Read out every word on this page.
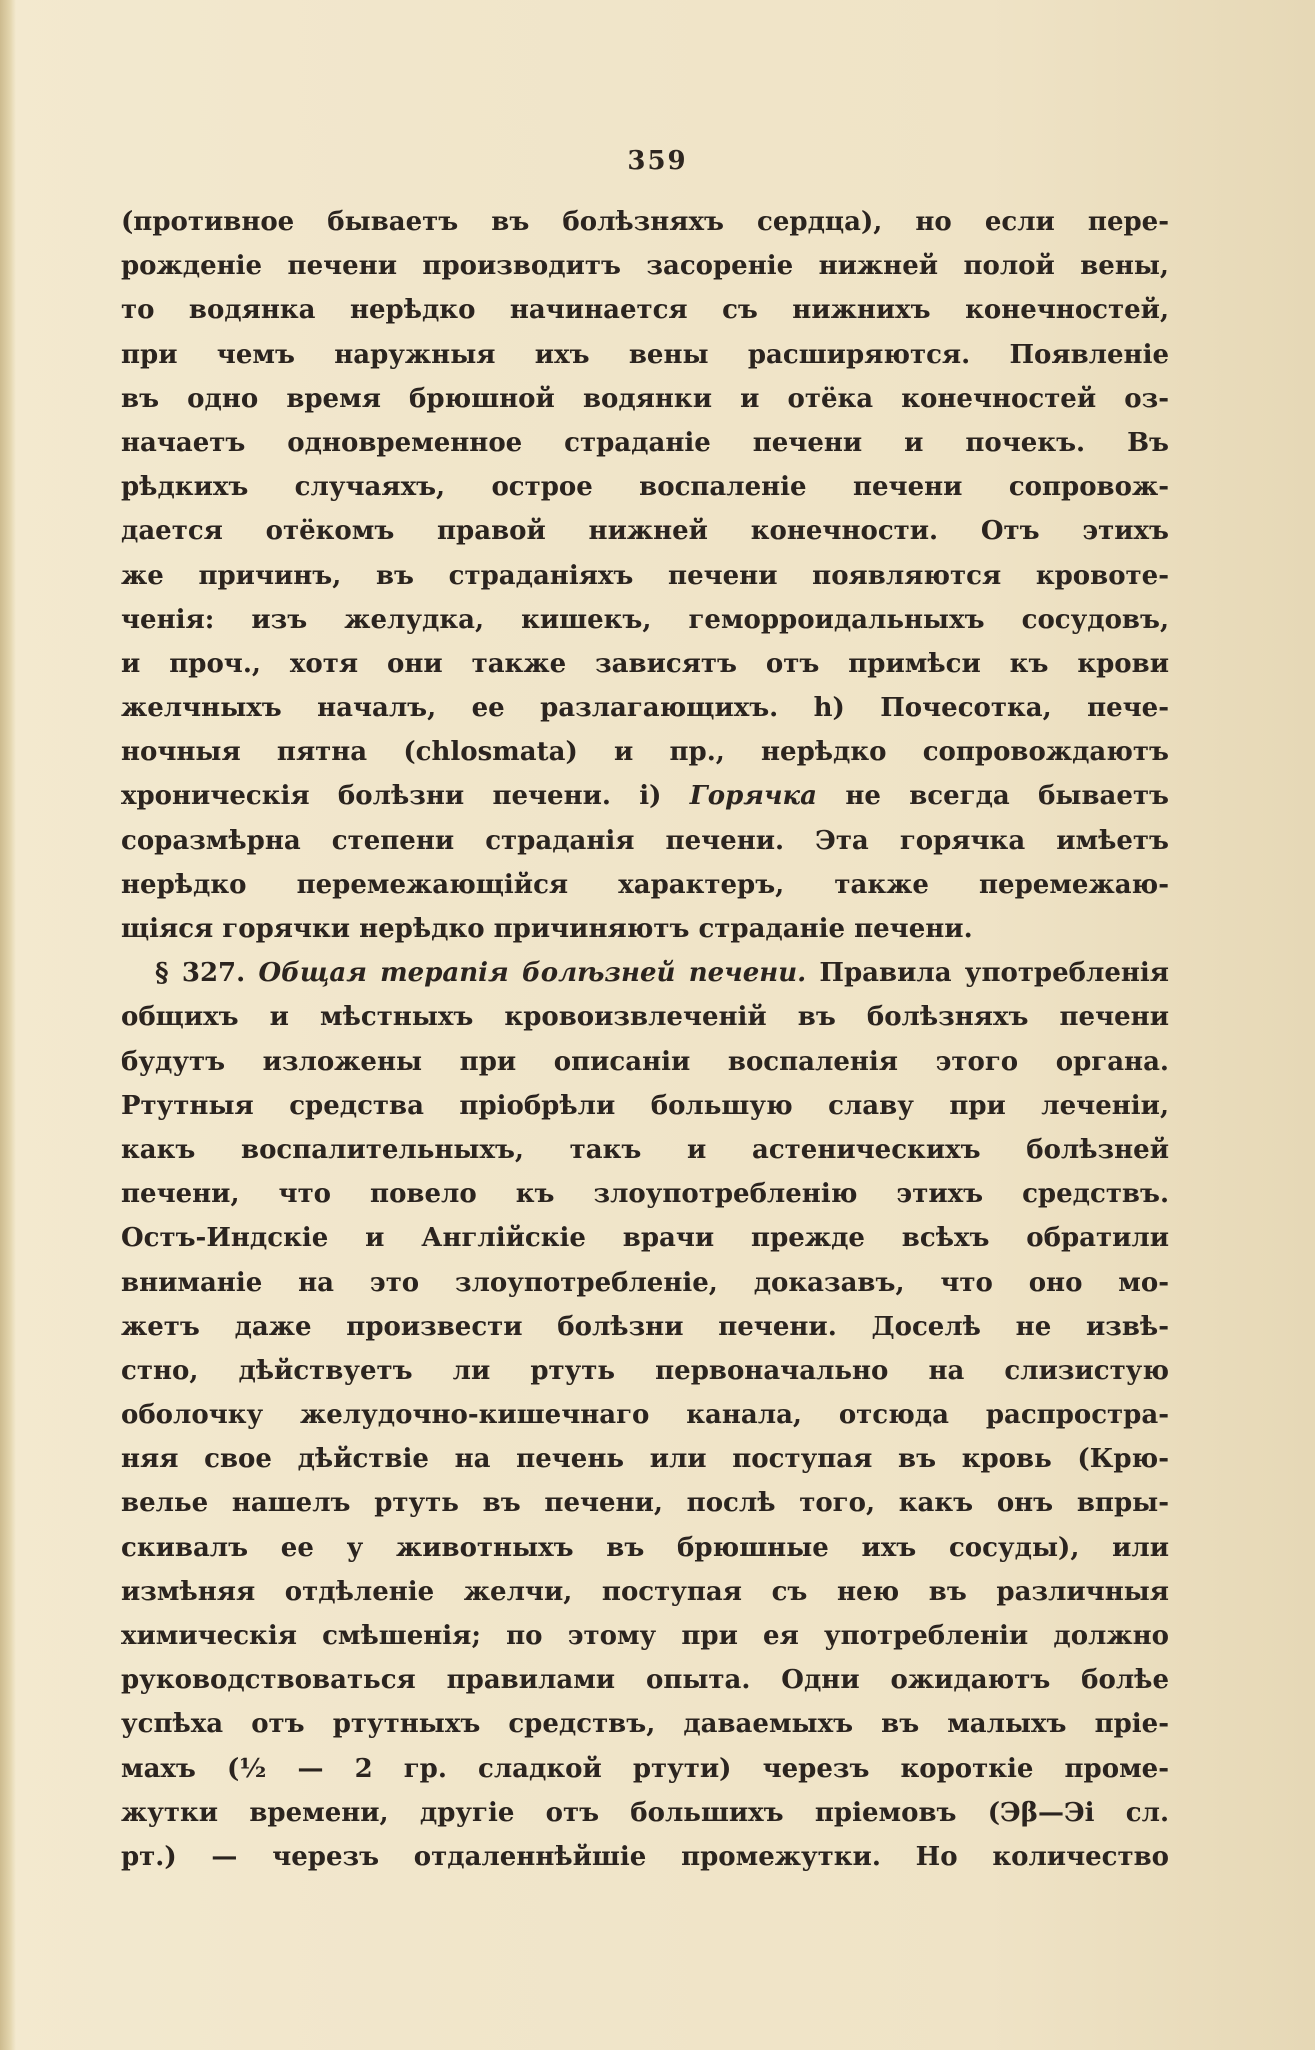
359
(противное бываетъ въ болѣзняхъ сердца), но если пере-
рожденіе печени производитъ засореніе нижней полой вены,
то водянка нерѣдко начинается съ нижнихъ конечностей,
при чемъ наружныя ихъ вены расширяются. Появленіе
въ одно время брюшной водянки и отёка конечностей оз-
начаетъ одновременное страданіе печени и почекъ. Въ
рѣдкихъ случаяхъ, острое воспаленіе печени сопровож-
дается отёкомъ правой нижней конечности. Отъ этихъ
же причинъ, въ страданіяхъ печени появляются кровоте-
ченія: изъ желудка, кишекъ, геморроидальныхъ сосудовъ,
и проч., хотя они также зависятъ отъ примѣси къ крови
желчныхъ началъ, ее разлагающихъ. h) Почесотка, пече-
ночныя пятна (chlosmata) и пр., нерѣдко сопровождаютъ
хроническія болѣзни печени. i) Горячка не всегда бываетъ
соразмѣрна степени страданія печени. Эта горячка имѣетъ
нерѣдко перемежающійся характеръ, также перемежаю-
щіяся горячки нерѣдко причиняютъ страданіе печени.
§ 327. Общая терапія болѣзней печени. Правила употребленія
общихъ и мѣстныхъ кровоизвлеченій въ болѣзняхъ печени
будутъ изложены при описаніи воспаленія этого органа.
Ртутныя средства пріобрѣли большую славу при леченіи,
какъ воспалительныхъ, такъ и астеническихъ болѣзней
печени, что повело къ злоупотребленію этихъ средствъ.
Остъ-Индскіе и Англійскіе врачи прежде всѣхъ обратили
вниманіе на это злоупотребленіе, доказавъ, что оно мо-
жетъ даже произвести болѣзни печени. Доселѣ не извѣ-
стно, дѣйствуетъ ли ртуть первоначально на слизистую
оболочку желудочно-кишечнаго канала, отсюда распростра-
няя свое дѣйствіе на печень или поступая въ кровь (Крю-
велье нашелъ ртуть въ печени, послѣ того, какъ онъ впры-
скивалъ ее у животныхъ въ брюшные ихъ сосуды), или
измѣняя отдѣленіе желчи, поступая съ нею въ различныя
химическія смѣшенія; по этому при ея употребленіи должно
руководствоваться правилами опыта. Одни ожидаютъ болѣе
успѣха отъ ртутныхъ средствъ, даваемыхъ въ малыхъ пріе-
махъ (½ — 2 гр. сладкой ртути) черезъ короткіе проме-
жутки времени, другіе отъ большихъ пріемовъ (Эβ—Эі сл.
рт.) — черезъ отдаленнѣйшіе промежутки. Но количество
